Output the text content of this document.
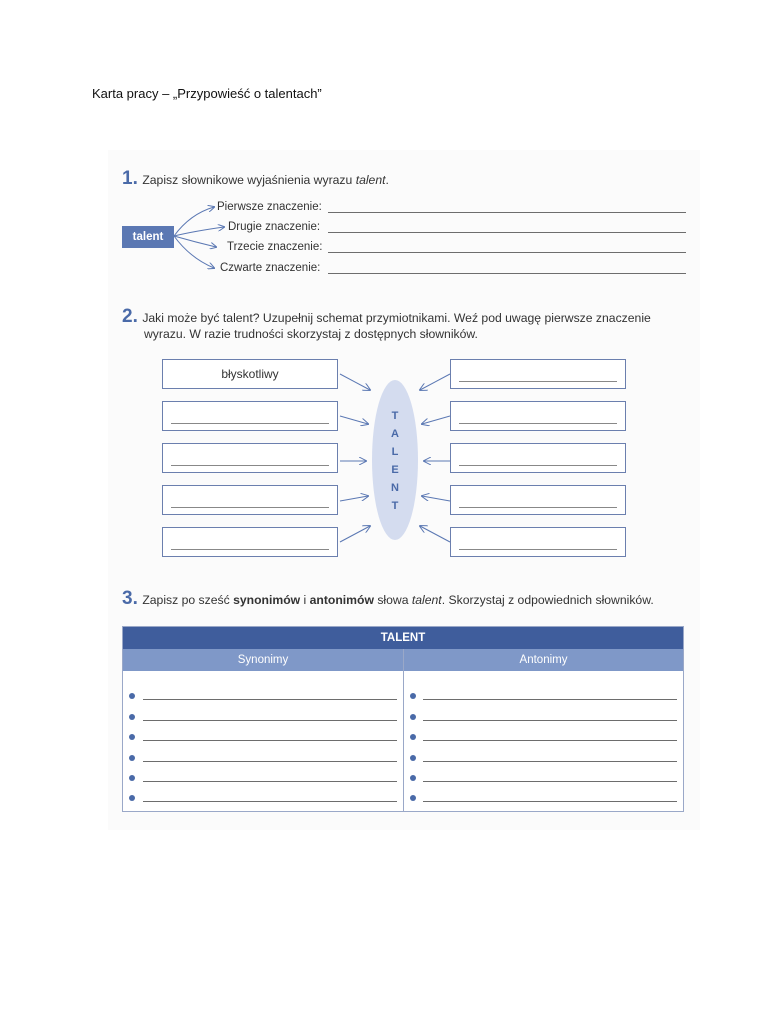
Karta pracy – „Przypowieść o talentach”
1. Zapisz słownikowe wyjaśnienia wyrazu talent.
talent
Pierwsze znaczenie:
Drugie znaczenie:
Trzecie znaczenie:
Czwarte znaczenie:
2. Jaki może być talent? Uzupełnij schemat przymiotnikami. Weź pod uwagę pierwsze znaczenie
wyrazu. W razie trudności skorzystaj z dostępnych słowników.
błyskotliwy
T
A
L
E
N
T
3. Zapisz po sześć synonimów i antonimów słowa talent. Skorzystaj z odpowiednich słowników.
TALENT
Synonimy	Antonimy
